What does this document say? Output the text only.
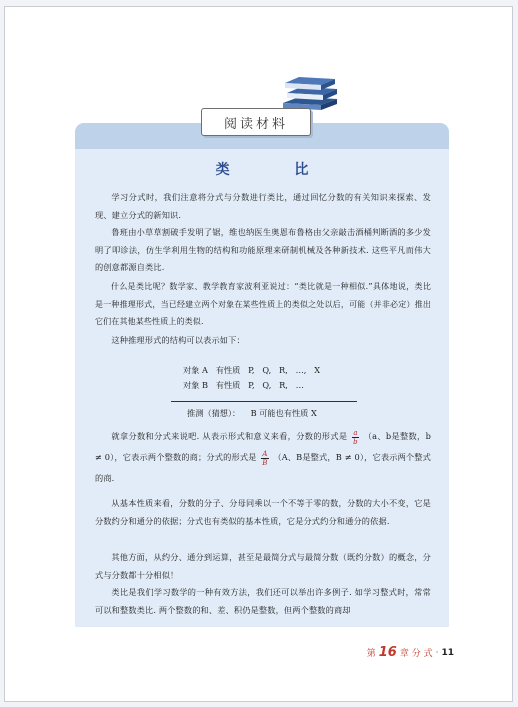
阅读材料
类 比

学习分式时，我们注意将分式与分数进行类比，通过回忆分数的有关知识来探索、发现、建立分式的新知识.

鲁班由小草草割破手发明了锯，维也纳医生奥恩布鲁格由父亲敲击酒桶判断酒的多少发明了叩诊法，仿生学利用生物的结构和功能原理来研制机械及各种新技术. 这些平凡而伟大的创意都源自类比.

什么是类比呢？数学家、教学教育家波利亚说过：“类比就是一种相似.”具体地说，类比是一种推理形式，当已经建立两个对象在某些性质上的类似之处以后，可能（并非必定）推出它们在其他某些性质上的类似.

这种推理形式的结构可以表示如下：

对象 A   有性质   P,   Q,   R,   …,   X
对象 B   有性质   P,   Q,   R,   …
推测（猜想）：    B 可能也有性质 X

就拿分数和分式来说吧. 从表示形式和意义来看，分数的形式是 $\frac{a}{b} (a$、b是整数，b ≠ 0），它表示两个整数的商；分式的形式是 $\frac{A}{B} (A$、B是整式，B ≠ 0），它表示两个整式的商.

从基本性质来看，分数的分子、分母同乘以一个不等于零的数，分数的大小不变，它是分数约分和通分的依据；分式也有类似的基本性质，它是分式约分和通分的依据.

其他方面，从约分、通分到运算，甚至是最简分式与最简分数（既约分数）的概念，分式与分数都十分相似！

类比是我们学习数学的一种有效方法，我们还可以举出许多例子. 如学习整式时，常常可以和整数类比. 两个整数的和、差、积仍是整数，但两个整数的商却

第 16 章 分 式 · 11
